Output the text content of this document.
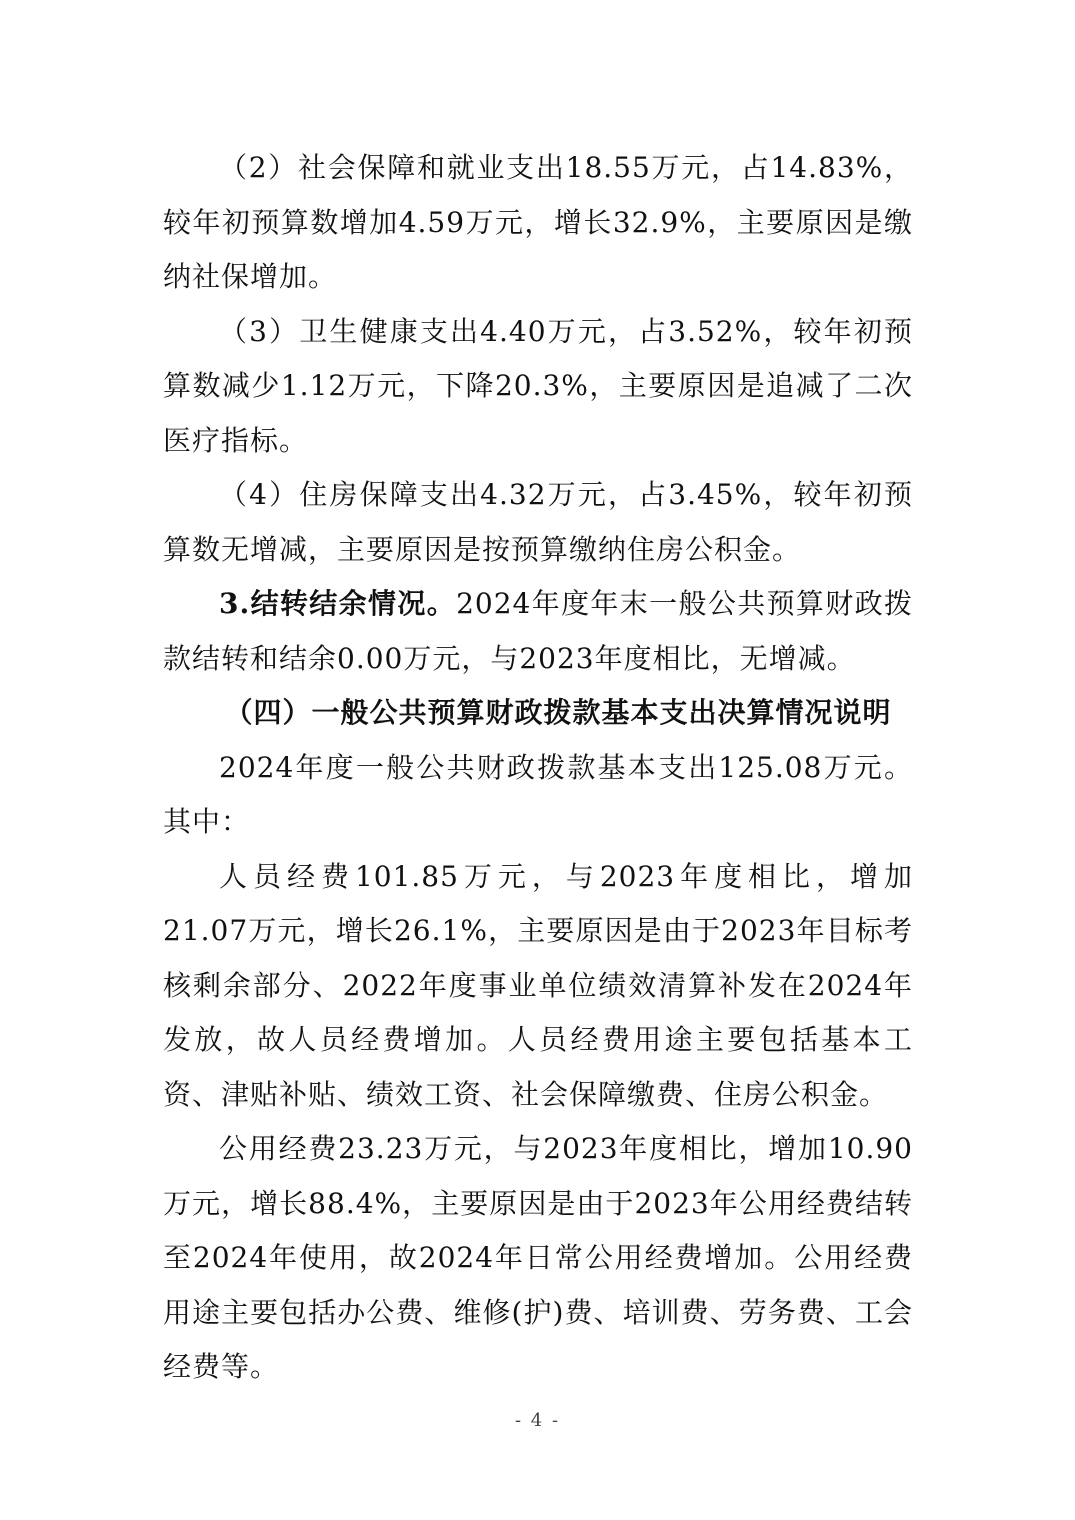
（2）社会保障和就业支出18.55万元，占14.83%，较年初预算数增加4.59万元，增长32.9%，主要原因是缴纳社保增加。

（3）卫生健康支出4.40万元，占3.52%，较年初预算数减少1.12万元，下降20.3%，主要原因是追减了二次医疗指标。

（4）住房保障支出4.32万元，占3.45%，较年初预算数无增减，主要原因是按预算缴纳住房公积金。

3.结转结余情况。2024年度年末一般公共预算财政拨款结转和结余0.00万元，与2023年度相比，无增减。

（四）一般公共预算财政拨款基本支出决算情况说明

2024年度一般公共财政拨款基本支出125.08万元。其中：

人员经费101.85万元，与2023年度相比，增加21.07万元，增长26.1%，主要原因是由于2023年目标考核剩余部分、2022年度事业单位绩效清算补发在2024年发放，故人员经费增加。人员经费用途主要包括基本工资、津贴补贴、绩效工资、社会保障缴费、住房公积金。

公用经费23.23万元，与2023年度相比，增加10.90万元，增长88.4%，主要原因是由于2023年公用经费结转至2024年使用，故2024年日常公用经费增加。公用经费用途主要包括办公费、维修(护)费、培训费、劳务费、工会经费等。

- 4 -
